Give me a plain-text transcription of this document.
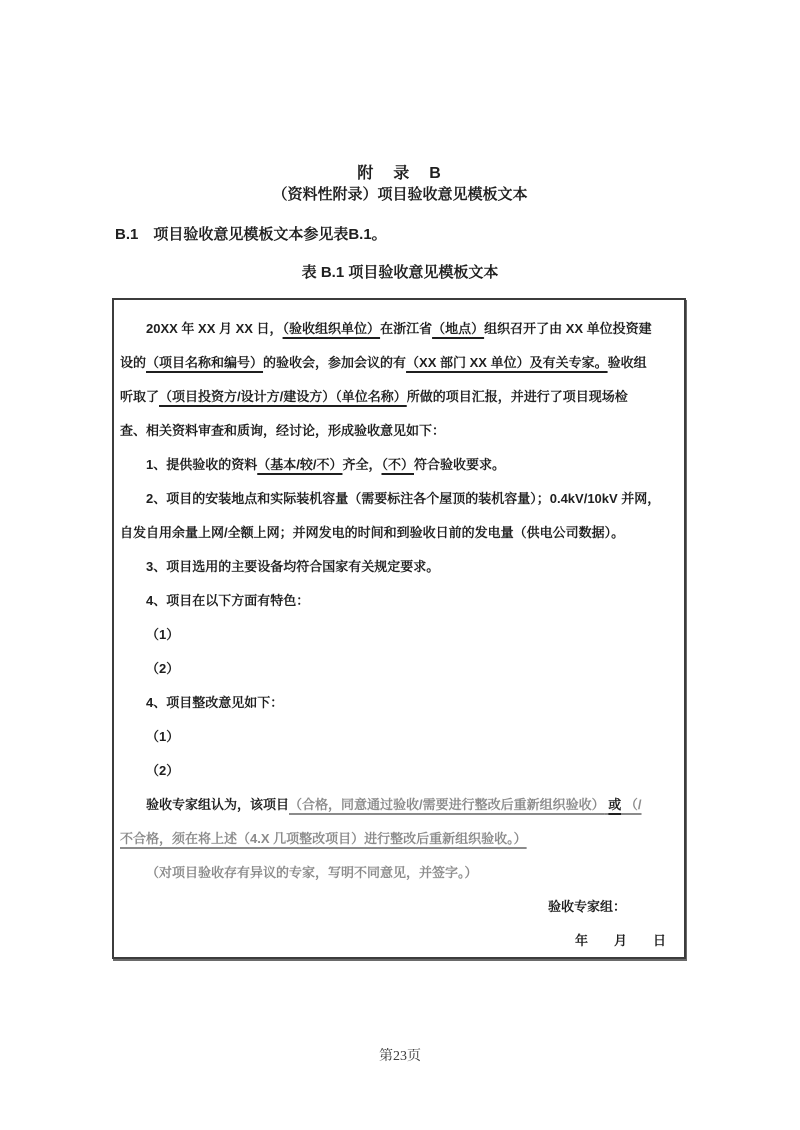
附　录　B
（资料性附录）项目验收意见模板文本
B.1　项目验收意见模板文本参见表B.1。
表 B.1 项目验收意见模板文本
20XX 年 XX 月 XX 日，（验收组织单位）在浙江省（地点）组织召开了由 XX 单位投资建
设的（项目名称和编号）的验收会，参加会议的有（XX 部门 XX 单位）及有关专家。验收组
听取了（项目投资方/设计方/建设方）（单位名称）所做的项目汇报，并进行了项目现场检
查、相关资料审查和质询，经讨论，形成验收意见如下：
1、提供验收的资料（基本/较/不）齐全，（不）符合验收要求。
2、项目的安装地点和实际装机容量（需要标注各个屋顶的装机容量）；0.4kV/10kV 并网，
自发自用余量上网/全额上网；并网发电的时间和到验收日前的发电量（供电公司数据）。
3、项目选用的主要设备均符合国家有关规定要求。
4、项目在以下方面有特色：
（1）
（2）
4、项目整改意见如下：
（1）
（2）
验收专家组认为，该项目（合格，同意通过验收/需要进行整改后重新组织验收） 或 （/
不合格，须在将上述（4.X 几项整改项目）进行整改后重新组织验收。）
（对项目验收存有异议的专家，写明不同意见，并签字。）
验收专家组：
年　　月　　日
第23页
